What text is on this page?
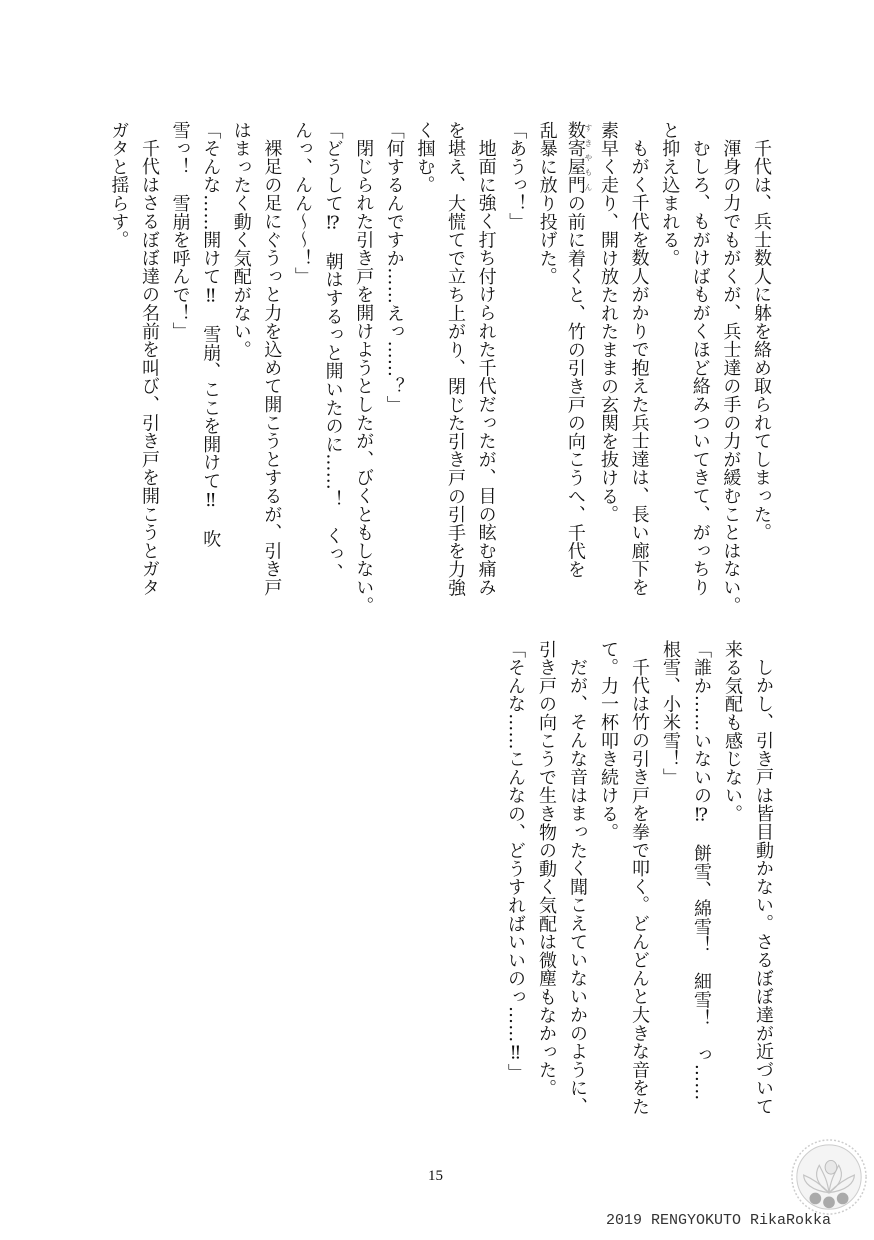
千代は、兵士数人に躰を絡め取られてしまった。
渾身の力でもがくが、兵士達の手の力が緩むことはない。
むしろ、もがけばもがくほど絡みついてきて、がっちり
と抑え込まれる。
もがく千代を数人がかりで抱えた兵士達は、長い廊下を
素早く走り、開け放たれたままの玄関を抜ける。
数寄屋門すきやもんの前に着くと、竹の引き戸の向こうへ、千代を
乱暴に放り投げた。
「あうっ！」
地面に強く打ち付けられた千代だったが、目の眩む痛み
を堪え、大慌てで立ち上がり、閉じた引き戸の引手を力強
く掴む。
「何するんですか……えっ……？」
閉じられた引き戸を開けようとしたが、びくともしない。
「どうして⁉　朝はするっと開いたのに……！　くっ、
んっ、んん～～！」
裸足の足にぐうっと力を込めて開こうとするが、引き戸
はまったく動く気配がない。
「そんな……開けて‼　雪崩、ここを開けて‼　吹
雪っ！　雪崩を呼んで！」
千代はさるぼぼ達の名前を叫び、引き戸を開こうとガタ
ガタと揺らす。
しかし、引き戸は皆目動かない。さるぼぼ達が近づいて
来る気配も感じない。
「誰か……いないの⁉　餅雪、綿雪！　細雪！　っ……
根雪、小米雪！」
千代は竹の引き戸を拳で叩く。どんどんと大きな音をた
て。力一杯叩き続ける。
だが、そんな音はまったく聞こえていないかのように、
引き戸の向こうで生き物の動く気配は微塵もなかった。
「そんな……こんなの、どうすればいいのっ……‼」
15
2019 RENGYOKUTO RikaRokka
